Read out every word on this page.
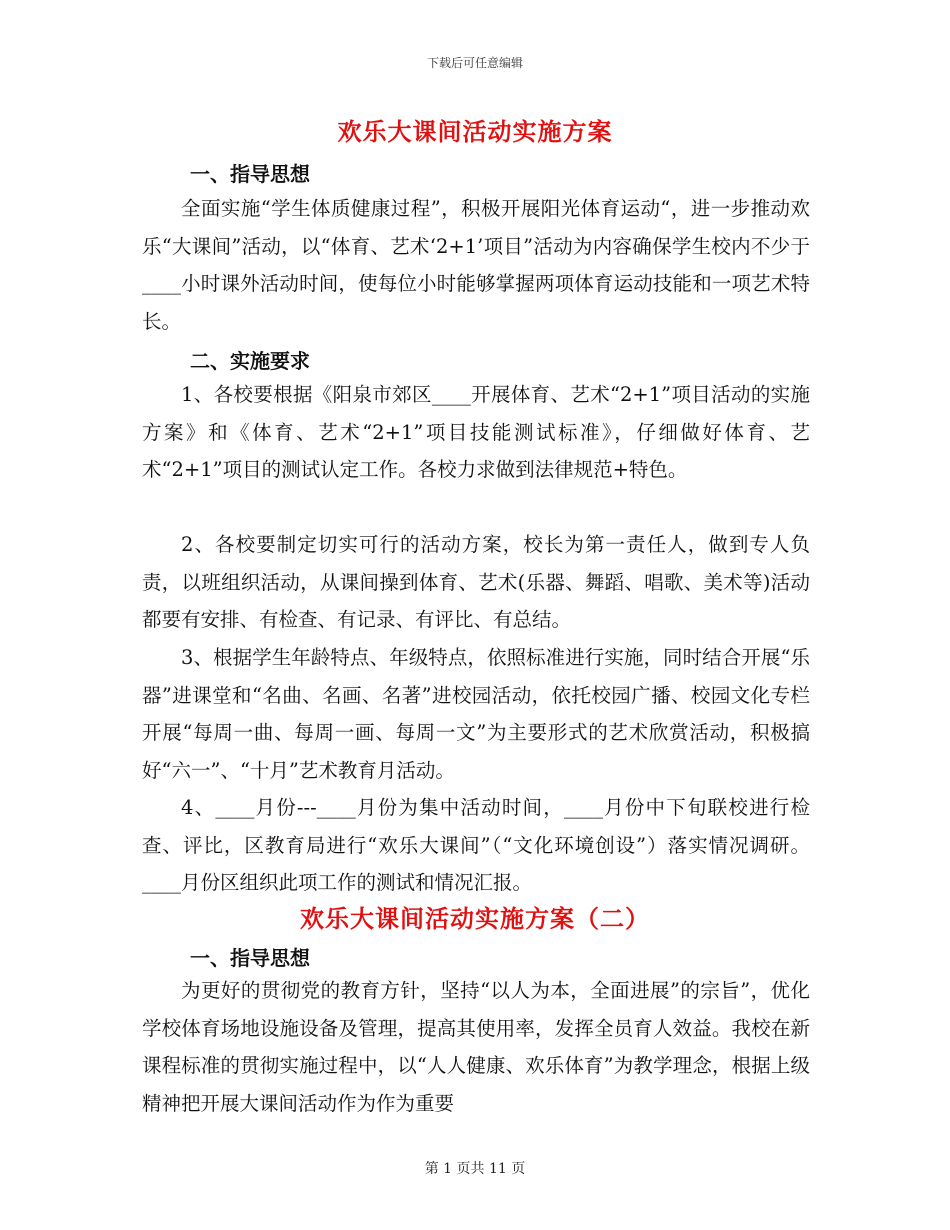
下载后可任意编辑
欢乐大课间活动实施方案
一、指导思想

全面实施“学生体质健康过程”，积极开展阳光体育运动“，进一步推动欢乐“大课间”活动，以“体育、艺术‘2+1’项目”活动为内容确保学生校内不少于____小时课外活动时间，使每位小时能够掌握两项体育运动技能和一项艺术特长。

二、实施要求

1、各校要根据《阳泉市郊区____开展体育、艺术“2+1”项目活动的实施方案》和《体育、艺术“2+1”项目技能测试标准》，仔细做好体育、艺术“2+1”项目的测试认定工作。各校力求做到法律规范+特色。

2、各校要制定切实可行的活动方案，校长为第一责任人，做到专人负责，以班组织活动，从课间操到体育、艺术(乐器、舞蹈、唱歌、美术等)活动都要有安排、有检查、有记录、有评比、有总结。

3、根据学生年龄特点、年级特点，依照标准进行实施，同时结合开展“乐器”进课堂和“名曲、名画、名著”进校园活动，依托校园广播、校园文化专栏开展“每周一曲、每周一画、每周一文”为主要形式的艺术欣赏活动，积极搞好“六一”、“十月”艺术教育月活动。

4、____月份---____月份为集中活动时间，____月份中下旬联校进行检查、评比，区教育局进行“欢乐大课间”（“文化环境创设”）落实情况调研。____月份区组织此项工作的测试和情况汇报。

欢乐大课间活动实施方案（二）
一、指导思想

为更好的贯彻党的教育方针，坚持“以人为本，全面进展”的宗旨”，优化学校体育场地设施设备及管理，提高其使用率，发挥全员育人效益。我校在新课程标准的贯彻实施过程中，以“人人健康、欢乐体育”为教学理念，根据上级精神把开展大课间活动作为作为重要

第 1 页共 11 页
